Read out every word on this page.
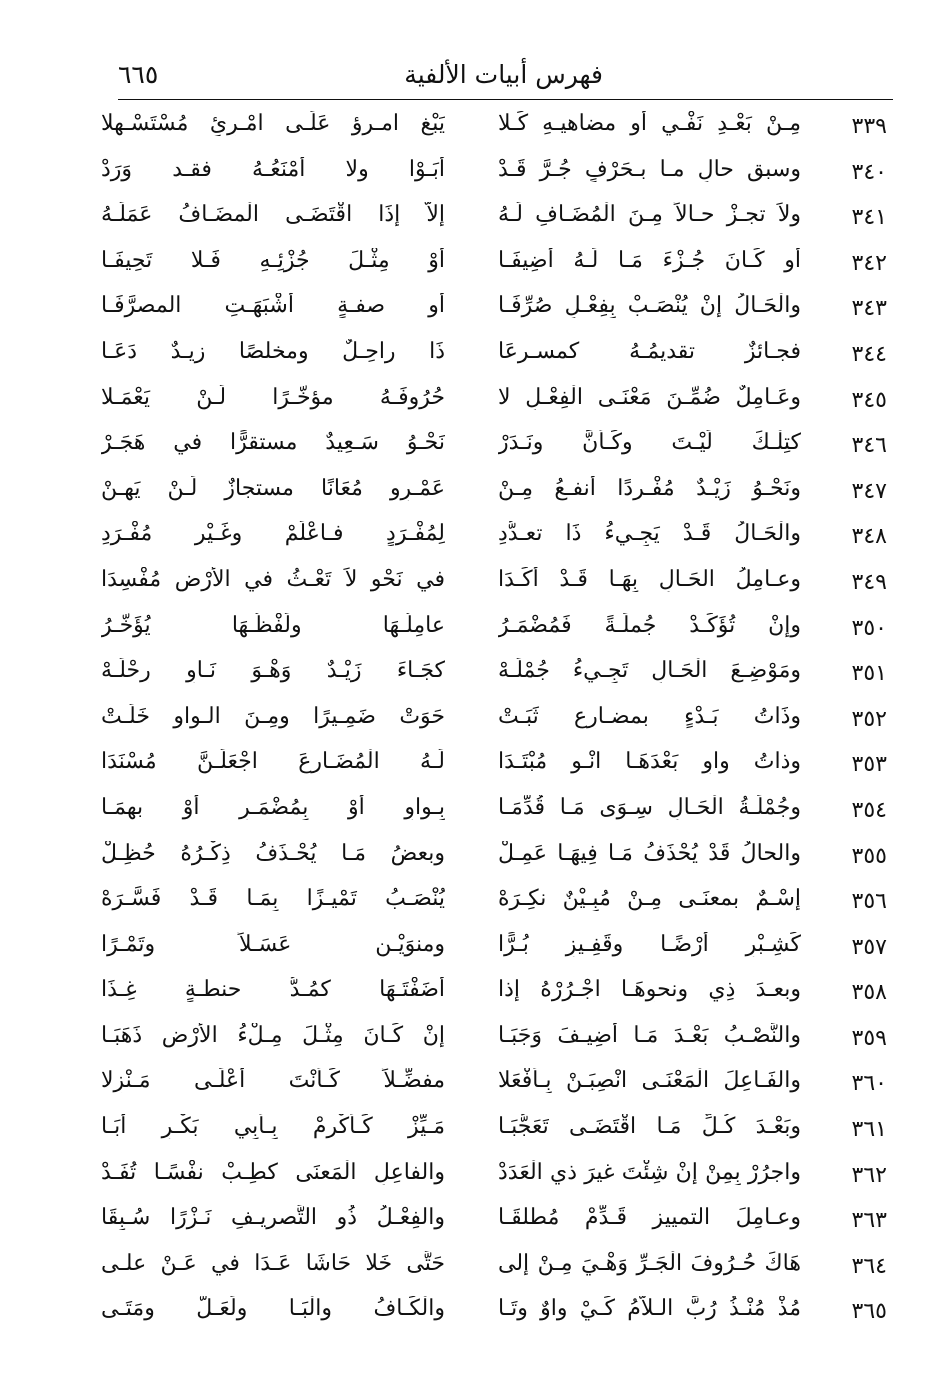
فهرس أبيات الألفية
٦٦٥
٣٣٩
مِـنْ بَعْـدِ نَفْـيٍ أو مضاهيـهِ كَـلا
يَبْغِ امـرؤ عَلَـى امْـرِئٍ مُسْتَسْـهِلا
٣٤٠
وسبق حالٍ مـا بـحَرْفٍ جُـرَّ قَـدْ
أبَـوْا ولا أمْنَعُـهُ فقـد وَرَدْ
٣٤١
ولاَ تجـزْ حـالاً مِـنَ الْمُضَـافِ لَـهُ
إلاَّ إذَا اقْتَضَـى الْمضَـافُ عَمَلَـهُ
٣٤٢
أو كَـانَ جُـزْءَ مَـا لَـهُ أُضِيفَـا
أوْ مِثْـلَ جُزْئِـهِ فَـلا تَحِيفَـا
٣٤٣
والْحَـالُ إنْ يُنْصَـبْ بِفِعْـلٍ صُرِّفَـا
أو صفـةٍ أشْبَهَـتِ المصرَّفَـا
٣٤٤
فجـائزٌ تقديمُـهُ كمسـرعَا
ذَا راحِـلٌ ومخلصًا زيـدٌ دَعَـا
٣٤٥
وعَـامِلٌ ضُمِّـنَ مَعْنَـى الْفِعْـلِ لا
حُرُوفَـهُ مؤخَّـرًا لَـنْ يَعْمَـلا
٣٤٦
كتِلْـكَ لَيْـتَ وكَـأنَّ ونَـدَرْ
نَحْـوُ سَـعِيدٌ مستقرًّا في هَجَـرْ
٣٤٧
ونَحْـوُ زَيْـدٌ مُفْـردًا أنفـعُ مِـنْ
عَمْـرٍو مُعَانًا مستجازٌ لَـنْ يَهِـنْ
٣٤٨
والْحَـالُ قَـدْ يَجِـيءُ ذَا تعـدُّدِ
لِمُفْـرَدٍ فـاعْلَمْ وغَـيْرِ مُفْـرَدِ
٣٤٩
وعـامِلُ الحَـالِ بِهَـا قَـدْ أُكِّـدَا
في نَحْوِ لاَ تَعْـثُ في الأَرْضِ مُفْسِدَا
٣٥٠
وإنْ تُؤَكِّـدْ جُملَـةً فَمُضْمَـرُ
عامِلُـهَا ولَفْظُـهَا يُؤَخَّـرُ
٣٥١
ومَوْضِـعَ الْحَـالِ تَجِـيءُ جُمْلَـهْ
كجَـاءَ زَيْـدٌ وَهْـوَ نَـاوٍ رِحْلَـهْ
٣٥٢
وذَاتُ بَـدْءٍ بمضـارِعٍ ثَبَـتْ
حَوَتْ ضَمِـيرًا ومِـنَ الـواوِ خَلَـتْ
٣٥٣
وذاتُ واوٍ بَعْدَهَـا انْـوِ مُبْتَـدَا
لَـهُ الْمُضَـارِعَ اجْعَلَـنَّ مُسْنَدَا
٣٥٤
وجُمْلَـةُ الْحَـالِ سِـوَى مَـا قُدِّمَـا
بِـواوٍ أوْ بِمُضْمَـرٍ أوْ بهمَـا
٣٥٥
والحالُ قَدْ يُحْذَفُ مَـا فِيهَـا عَمِـلْ
وبعضُ مَـا يُحْـذَفُ ذِكْـرُهُ حُظِـلْ
٣٥٦
إسْـمٌ بمعنَـى مِـنْ مُبِـيْنٌ نكِـرَهْ
يُنْصَـبُ تَمْيـزًا بِمَـا قَـدْ فَسَّـرَهْ
٣٥٧
كَشِـبْرٍ أرْضًـا وقَفِـيزٍ بُـرًّا
ومنوَيْـنِ عَسَـلاً وتَمْـرًا
٣٥٨
وبعـدَ ذِي ونحوِهَـا اجْـرُرْهُ إذا
أضَفْتَـهَا كمُـدُّ حنطـةٍ غِـذَا
٣٥٩
والنَّصْـبُ بَعْـدَ مَـا أُضِيـفَ وَجَبَـا
إنْ كَـانَ مِثْـلَ مِـلْءُ الأَرْضِ ذَهَبَـا
٣٦٠
والفَـاعِلَ الْمَعْنَـى انْصِبَـنْ بِـأفْعَلا
مفضِّـلاً كَـأَنْتَ أعْلَـى مَـنْزِلا
٣٦١
وبَعْـدَ كُـلِّ مَـا اقْتَضَـى تَعَجُّبَـا
مَـيِّزْ كَـأكْرِمْ بِـأَبِي بَكْـرٍ أبَـا
٣٦٢
واجرُرْ بِمِنْ إنْ شِئْتَ غيرَ ذي الْعَدَدْ
والفاعِلِ الْمَعنَى كطِـبْ نفْسًـا تُفَـدْ
٣٦٣
وعـامِلَ التمييزِ قَـدِّمْ مُطلقَـا
والفِعْـلُ ذُو التَّصريـفِ نَـزْرًا سُـبِقَا
٣٦٤
هَاكَ حُـرُوفَ الْجَـرِّ وَهْـيَ مِـنْ إلى
حَتَّى خَلا حَاشَا عَـدَا في عَـنْ علـى
٣٦٥
مُذْ مُنْـذُ رُبَّ الـلاَّمُ كَـيْ واوٌ وتَـا
والْكَـافُ والْبَـا ولَعَـلَّ ومَتَـى
